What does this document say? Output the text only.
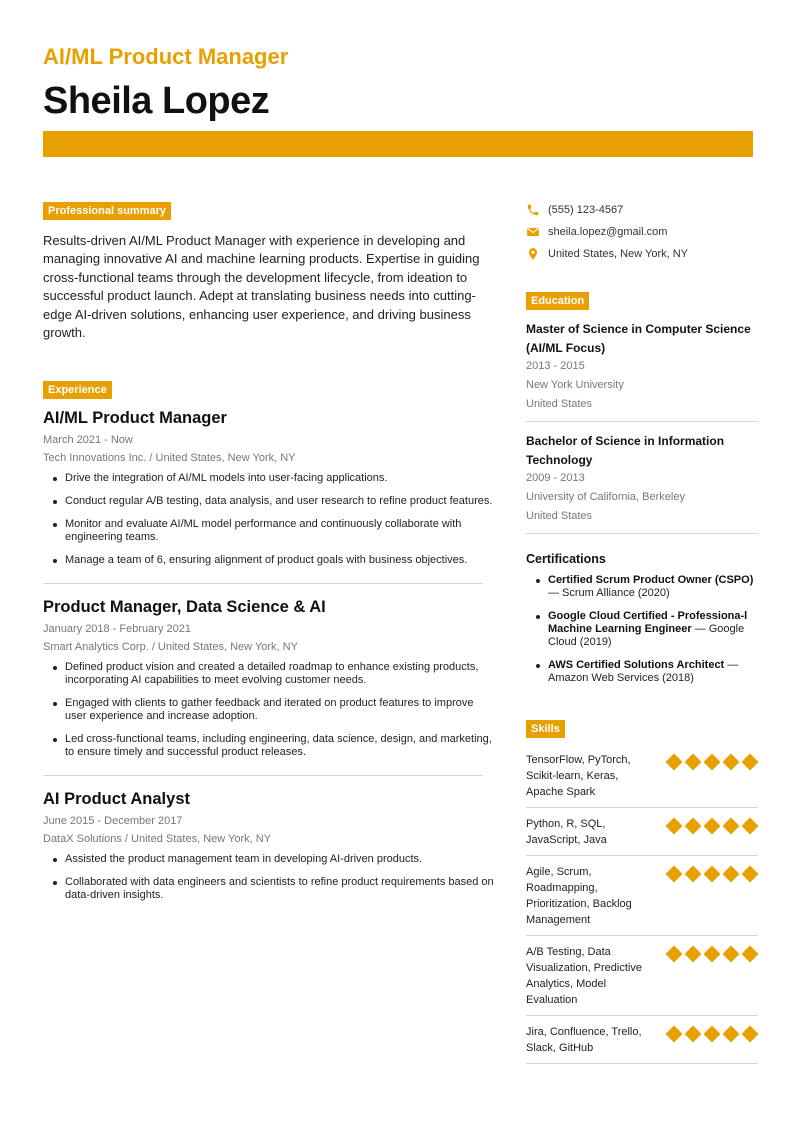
AI/ML Product Manager
Sheila Lopez
Professional summary

Results-driven AI/ML Product Manager with experience in developing and managing innovative AI and machine learning products. Expertise in guiding cross-functional teams through the development lifecycle, from ideation to successful product launch. Adept at translating business needs into cutting-edge AI-driven solutions, enhancing user experience, and driving business growth.

Experience
AI/ML Product Manager
March 2021 - Now
Tech Innovations Inc. / United States, New York, NY
Drive the integration of AI/ML models into user-facing applications.
Conduct regular A/B testing, data analysis, and user research to refine product features.
Monitor and evaluate AI/ML model performance and continuously collaborate with engineering teams.
Manage a team of 6, ensuring alignment of product goals with business objectives.
Product Manager, Data Science & AI
January 2018 - February 2021
Smart Analytics Corp. / United States, New York, NY
Defined product vision and created a detailed roadmap to enhance existing products, incorporating AI capabilities to meet evolving customer needs.
Engaged with clients to gather feedback and iterated on product features to improve user experience and increase adoption.
Led cross-functional teams, including engineering, data science, design, and marketing, to ensure timely and successful product releases.
AI Product Analyst
June 2015 - December 2017
DataX Solutions / United States, New York, NY
Assisted the product management team in developing AI-driven products.
Collaborated with data engineers and scientists to refine product requirements based on data-driven insights.
(555) 123-4567
sheila.lopez@gmail.com
United States, New York, NY
Education
Master of Science in Computer Science (AI/ML Focus)
2013 - 2015
New York University
United States
Bachelor of Science in Information Technology
2009 - 2013
University of California, Berkeley
United States
Certifications
Certified Scrum Product Owner (CSPO) — Scrum Alliance (2020)
Google Cloud Certified - Professiona-l Machine Learning Engineer — Google Cloud (2019)
AWS Certified Solutions Architect — Amazon Web Services (2018)
Skills
TensorFlow, PyTorch, Scikit-learn, Keras, Apache Spark
Python, R, SQL, JavaScript, Java
Agile, Scrum, Roadmapping, Prioritization, Backlog Management
A/B Testing, Data Visualization, Predictive Analytics, Model Evaluation
Jira, Confluence, Trello, Slack, GitHub
